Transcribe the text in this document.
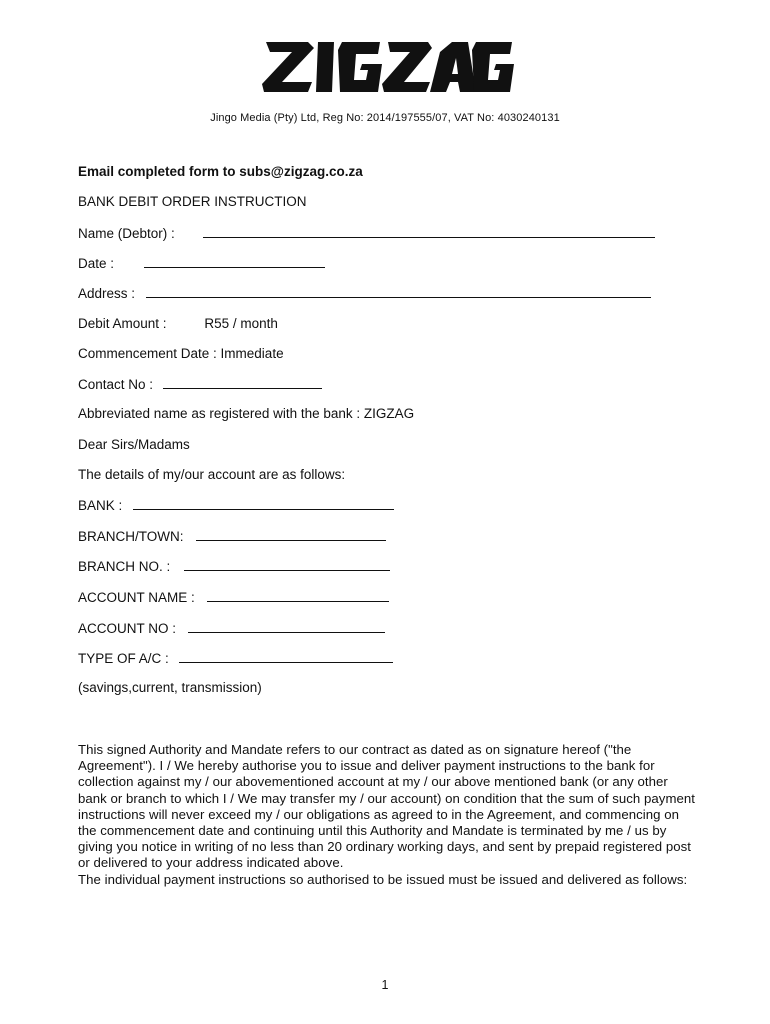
Jingo Media (Pty) Ltd, Reg No: 2014/197555/07, VAT No: 4030240131
Email completed form to subs@zigzag.co.za
BANK DEBIT ORDER INSTRUCTION
Name (Debtor) :
Date :
Address :
Debit Amount :	R55 / month
Commencement Date : Immediate
Contact No :
Abbreviated name as registered with the bank : ZIGZAG
Dear Sirs/Madams
The details of my/our account are as follows:
BANK :
BRANCH/TOWN:
BRANCH NO. :
ACCOUNT NAME :
ACCOUNT NO :
TYPE OF A/C :
(savings,current, transmission)

This signed Authority and Mandate refers to our contract as dated as on signature hereof ("the Agreement"). I / We hereby authorise you to issue and deliver payment instructions to the bank for collection against my / our abovementioned account at my / our above mentioned bank (or any other bank or branch to which I / We may transfer my / our account) on condition that the sum of such payment instructions will never exceed my / our obligations as agreed to in the Agreement, and commencing on the commencement date and continuing until this Authority and Mandate is terminated by me / us by giving you notice in writing of no less than 20 ordinary working days, and sent by prepaid registered post or delivered to your address indicated above.

The individual payment instructions so authorised to be issued must be issued and delivered as follows:

1
